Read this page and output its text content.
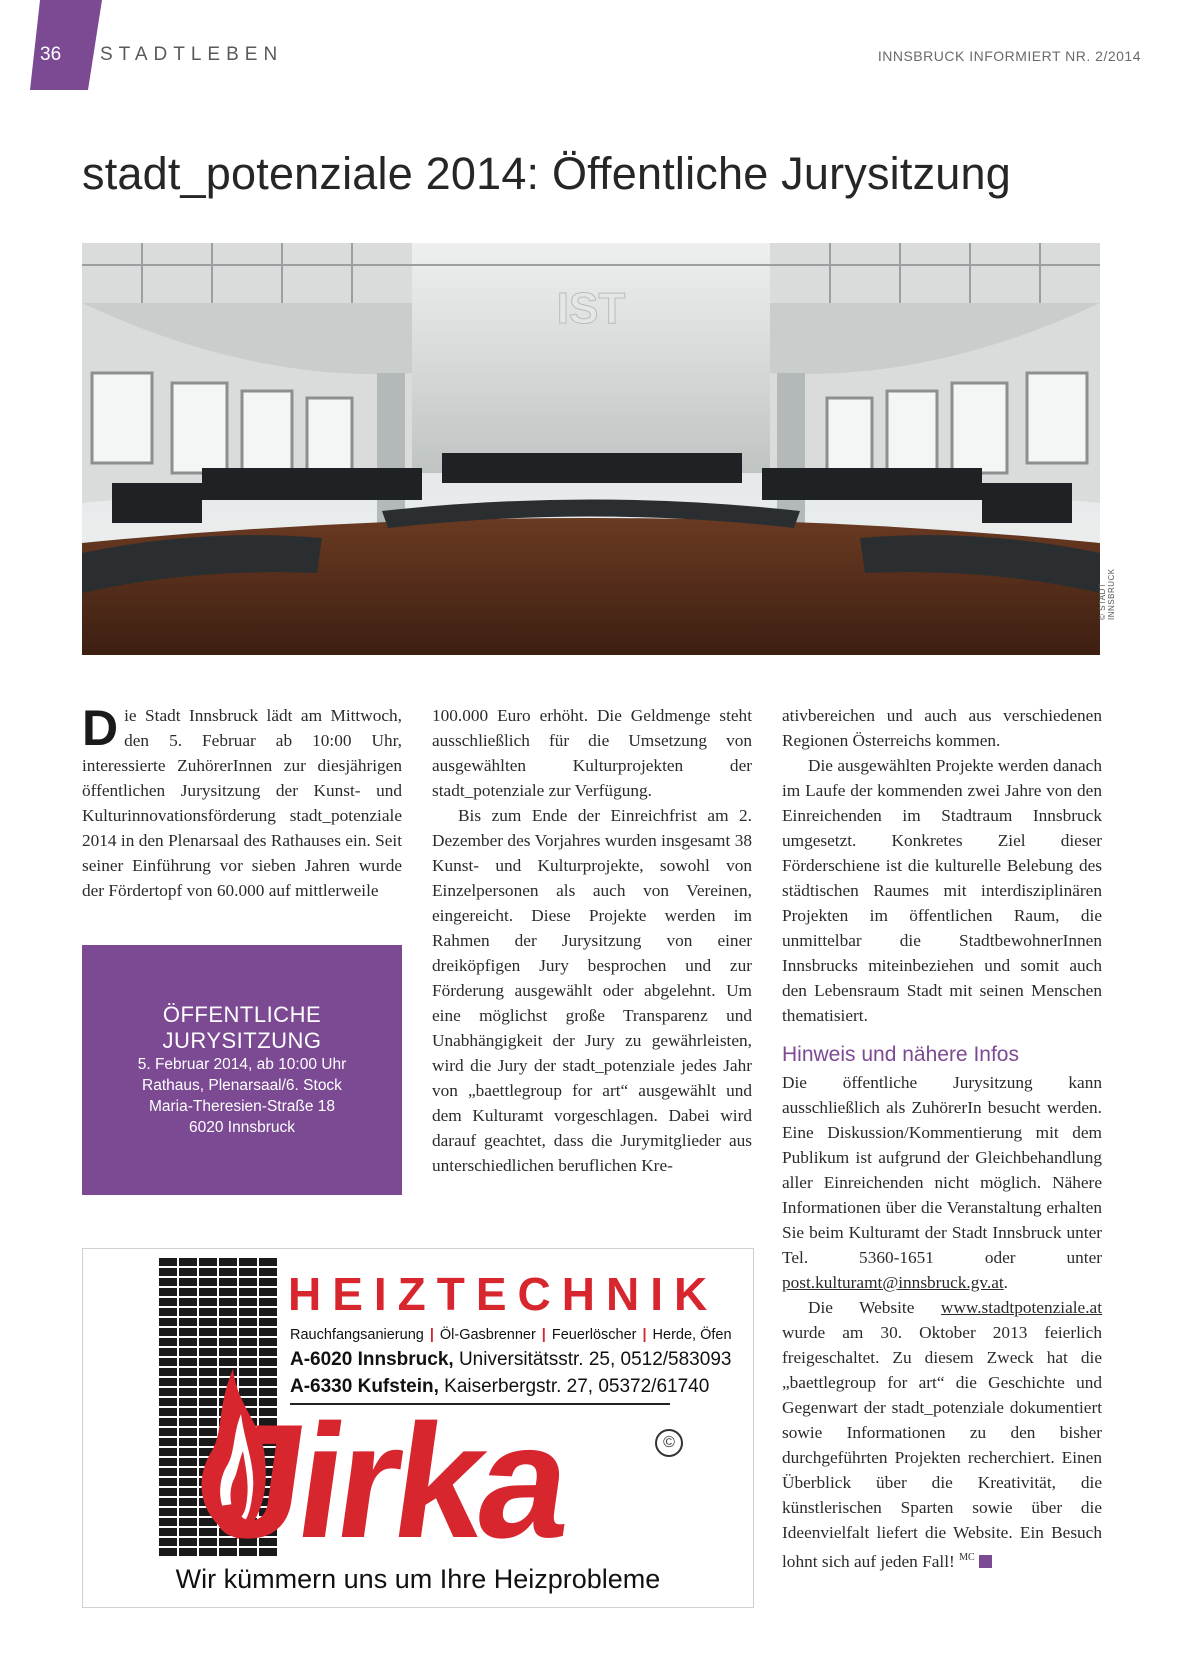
36 STADTLEBEN	INNSBRUCK INFORMIERT NR. 2/2014
stadt_potenziale 2014: Öffentliche Jurysitzung
IST
© STADT INNSBRUCK

Die Stadt Innsbruck lädt am Mittwoch, den 5. Februar ab 10:00 Uhr, interessierte ZuhörerInnen zur diesjährigen öffentlichen Jurysitzung der Kunst- und Kulturinnovationsförderung stadt_potenziale 2014 in den Plenarsaal des Rathauses ein. Seit seiner Einführung vor sieben Jahren wurde der Fördertopf von 60.000 auf mittlerweile

ÖFFENTLICHE
JURYSITZUNG
5. Februar 2014, ab 10:00 Uhr
Rathaus, Plenarsaal/6. Stock
Maria-Theresien-Straße 18
6020 Innsbruck

100.000 Euro erhöht. Die Geldmenge steht ausschließlich für die Umsetzung von ausgewählten Kulturprojekten der stadt_potenziale zur Verfügung.

Bis zum Ende der Einreichfrist am 2. Dezember des Vorjahres wurden insgesamt 38 Kunst- und Kulturprojekte, sowohl von Einzelpersonen als auch von Vereinen, eingereicht. Diese Projekte werden im Rahmen der Jurysitzung von einer dreiköpfigen Jury besprochen und zur Förderung ausgewählt oder abgelehnt. Um eine möglichst große Transparenz und Unabhängigkeit der Jury zu gewährleisten, wird die Jury der stadt_potenziale jedes Jahr von „baettlegroup for art“ ausgewählt und dem Kulturamt vorgeschlagen. Dabei wird darauf geachtet, dass die Jurymitglieder aus unterschiedlichen beruflichen Kre-

ativbereichen und auch aus verschiedenen Regionen Österreichs kommen.

Die ausgewählten Projekte werden danach im Laufe der kommenden zwei Jahre von den Einreichenden im Stadtraum Innsbruck umgesetzt. Konkretes Ziel dieser Förderschiene ist die kulturelle Belebung des städtischen Raumes mit interdisziplinären Projekten im öffentlichen Raum, die unmittelbar die StadtbewohnerInnen Innsbrucks miteinbeziehen und somit auch den Lebensraum Stadt mit seinen Menschen thematisiert.

Hinweis und nähere Infos

Die öffentliche Jurysitzung kann ausschließlich als ZuhörerIn besucht werden. Eine Diskussion/Kommentierung mit dem Publikum ist aufgrund der Gleichbehandlung aller Einreichenden nicht möglich. Nähere Informationen über die Veranstaltung erhalten Sie beim Kulturamt der Stadt Innsbruck unter Tel. 5360-1651 oder unter post.kulturamt@innsbruck.gv.at.

Die Website www.stadtpotenziale.at wurde am 30. Oktober 2013 feierlich freigeschaltet. Zu diesem Zweck hat die „baettlegroup for art“ die Geschichte und Gegenwart der stadt_potenziale dokumentiert sowie Informationen zu den bisher durchgeführten Projekten recherchiert. Einen Überblick über die Kreativität, die künstlerischen Sparten sowie über die Ideenvielfalt liefert die Website. Ein Besuch lohnt sich auf jeden Fall! $^{MC}$

HEIZTECHNIK
Rauchfangsanierung | Öl-Gasbrenner | Feuerlöscher | Herde, Öfen
A-6020 Innsbruck, Universitätsstr. 25, 0512/583093
A-6330 Kufstein, Kaiserbergstr. 27, 05372/61740
Jirka	©
Wir kümmern uns um Ihre Heizprobleme
